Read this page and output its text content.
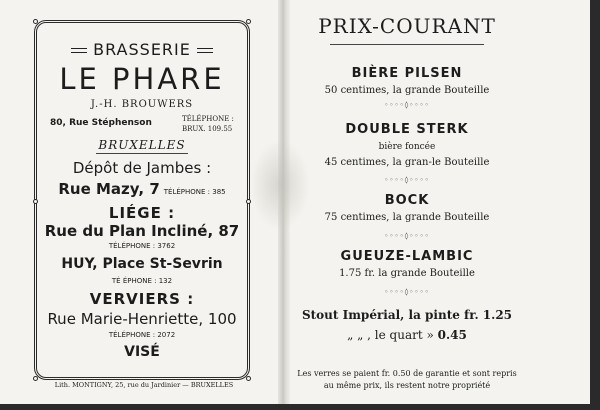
BRASSERIE
LE PHARE
J.-H. BROUWERS
80, Rue Stéphenson	TÉLÉPHONE :
BRUX. 109.55
BRUXELLES
Dépôt de Jambes :
Rue Mazy, 7 TÉLÉPHONE : 385
LIÉGE :
Rue du Plan Incliné, 87
TÉLÉPHONE : 3762
HUY, Place St-Sevrin
TÉ ÉPHONE : 132
VERVIERS :
Rue Marie-Henriette, 100
TÉLÉPHONE : 2072
VISÉ
Lith. MONTIGNY, 25, rue du Jardinier — BRUXELLES
PRIX-COURANT
BIÈRE PILSEN
50 centimes, la grande Bouteille
◦◦◦◦◊◦◦◦◦
DOUBLE STERK
bière foncée
45 centimes, la gran-le Bouteille
◦◦◦◦◊◦◦◦◦
BOCK
75 centimes, la grande Bouteille
◦◦◦◦◊◦◦◦◦
GUEUZE-LAMBIC
1.75 fr. la grande Bouteille
◦◦◦◦◊◦◦◦◦
Stout Impérial, la pinte fr. 1.25
„ „ , le quart » 0.45
Les verres se paient fr. 0.50 de garantie et sont repris au même prix, ils restent notre propriété
